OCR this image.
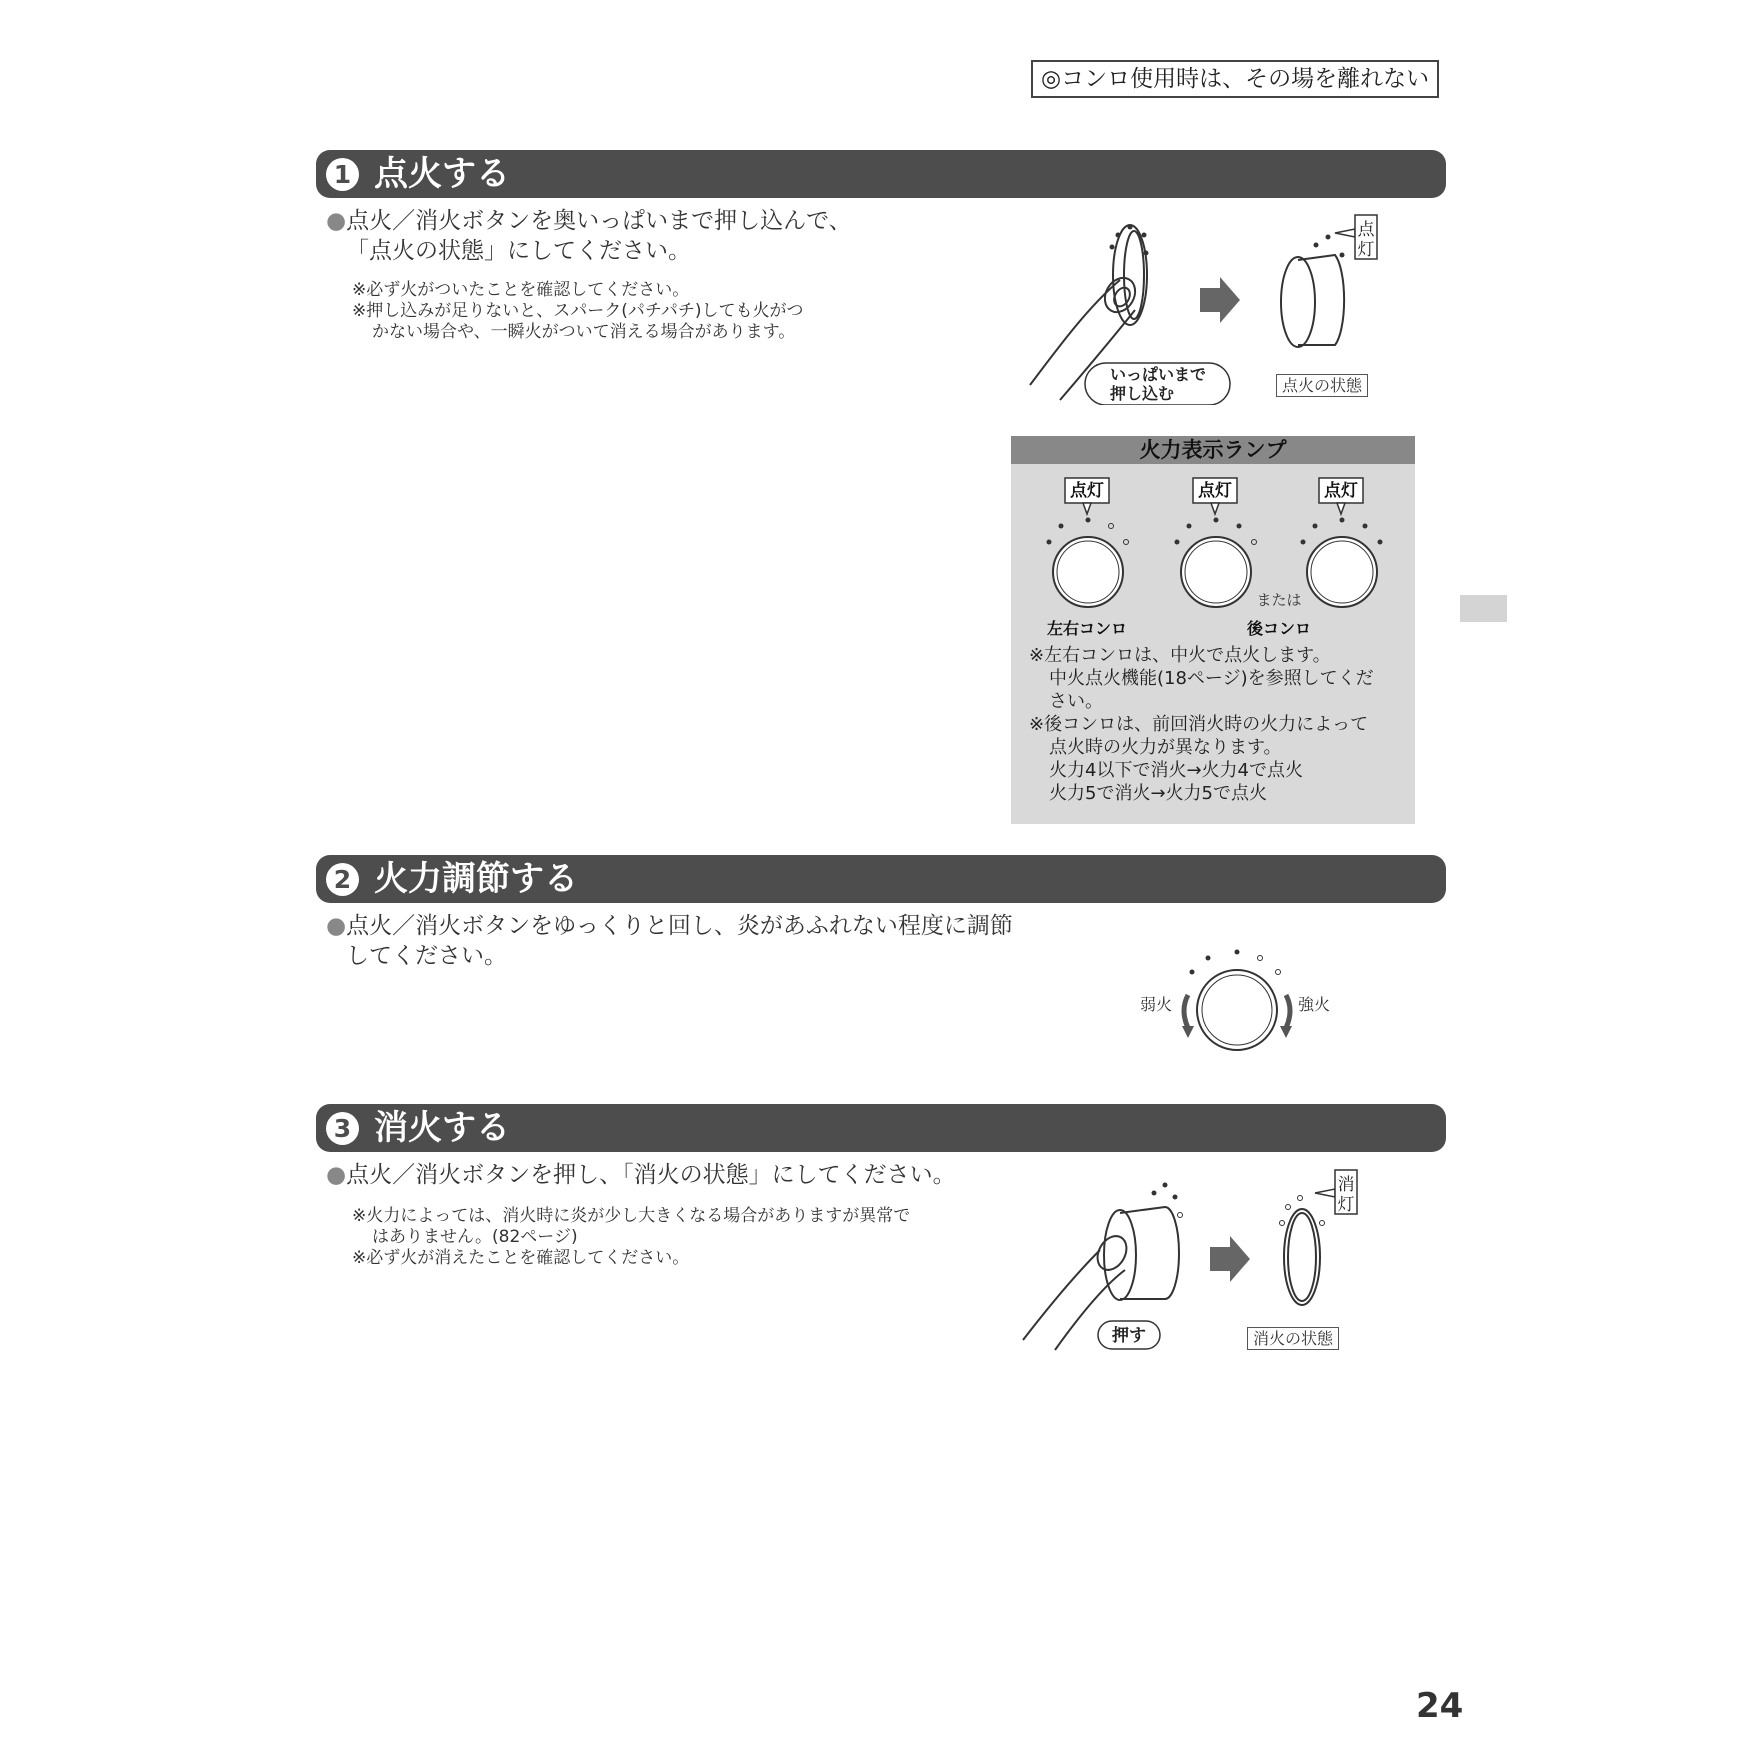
◎コンロ使用時は、その場を離れない
1 点火する
●点火／消火ボタンを奥いっぱいまで押し込んで、
「点火の状態」にしてください。
※必ず火がついたことを確認してください。
※押し込みが足りないと、スパーク(パチパチ)しても火がつ
かない場合や、一瞬火がついて消える場合があります。
点
灯
いっぱいまで
押し込む	点火の状態
火力表示ランプ
点灯	点灯	点灯
または
左右コンロ	後コンロ
※左右コンロは、中火で点火します。
中火点火機能(18ページ)を参照してくだ
さい。
※後コンロは、前回消火時の火力によって
点火時の火力が異なります。
火力4以下で消火→火力4で点火
火力5で消火→火力5で点火
2 火力調節する
●点火／消火ボタンをゆっくりと回し、炎があふれない程度に調節
してください。
弱火	強火
3 消火する
●点火／消火ボタンを押し、「消火の状態」にしてください。
※火力によっては、消火時に炎が少し大きくなる場合がありますが異常で
はありません。(82ページ)
※必ず火が消えたことを確認してください。
消
灯
押す	消火の状態
24
